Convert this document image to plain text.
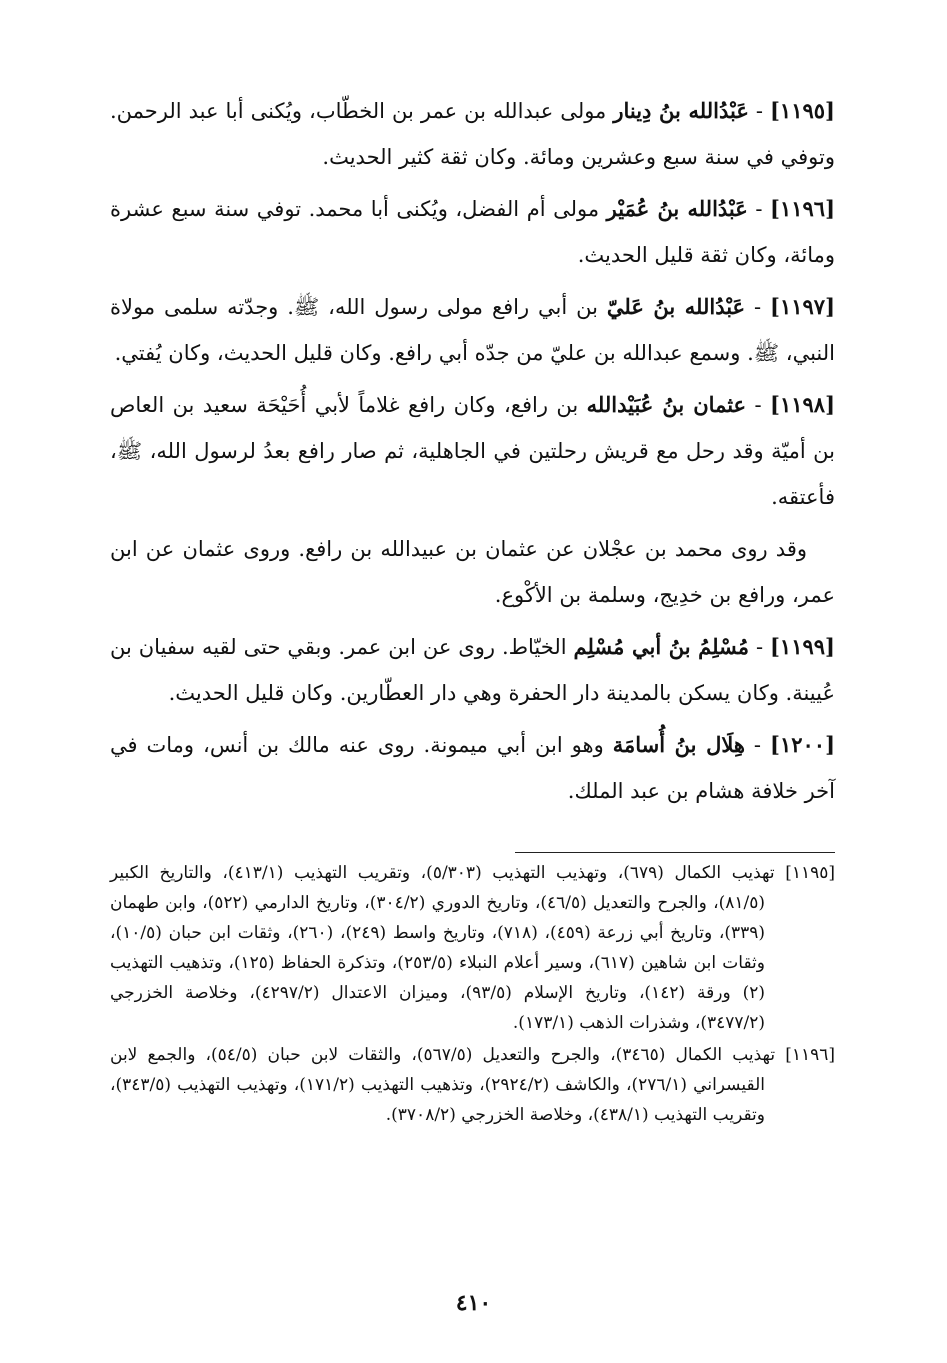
[١١٩٥] - عَبْدُالله بنُ دِينار مولى عبدالله بن عمر بن الخطّاب، ويُكنى أبا عبد الرحمن. وتوفي في سنة سبع وعشرين ومائة. وكان ثقة كثير الحديث.

[١١٩٦] - عَبْدُالله بنُ عُمَيْر مولى أم الفضل، ويُكنى أبا محمد. توفي سنة سبع عشرة ومائة، وكان ثقة قليل الحديث.

[١١٩٧] - عَبْدُالله بنُ عَليّ بن أبي رافع مولى رسول الله، ﷺ. وجدّته سلمى مولاة النبي، ﷺ. وسمع عبدالله بن عليّ من جدّه أبي رافع. وكان قليل الحديث، وكان يُفتي.

[١١٩٨] - عثمان بنُ عُبَيْدالله بن رافع، وكان رافع غلاماً لأبي أُحَيْحَة سعيد بن العاص بن أميّة وقد رحل مع قريش رحلتين في الجاهلية، ثم صار رافع بعدُ لرسول الله، ﷺ، فأعتقه.

وقد روى محمد بن عجْلان عن عثمان بن عبيدالله بن رافع. وروى عثمان عن ابن عمر، ورافع بن خدِيج، وسلمة بن الأكْوع.

[١١٩٩] - مُسْلِمُ بنُ أبي مُسْلِم الخيّاط. روى عن ابن عمر. وبقي حتى لقيه سفيان بن عُيينة. وكان يسكن بالمدينة دار الحفرة وهي دار العطّارين. وكان قليل الحديث.

[١٢٠٠] - هِلَال بنُ أُسامَة وهو ابن أبي ميمونة. روى عنه مالك بن أنس، ومات في آخر خلافة هشام بن عبد الملك.

[١١٩٥] تهذيب الكمال (٦٧٩)، وتهذيب التهذيب (٥/٣٠٣)، وتقريب التهذيب (٤١٣/١)، والتاريخ الكبير (٨١/٥)، والجرح والتعديل (٤٦/٥)، وتاريخ الدوري (٣٠٤/٢)، وتاريخ الدارمي (٥٢٢)، وابن طهمان (٣٣٩)، وتاريخ أبي زرعة (٤٥٩)، (٧١٨)، وتاريخ واسط (٢٤٩)، (٢٦٠)، وثقات ابن حبان (١٠/٥)، وثقات ابن شاهين (٦١٧)، وسير أعلام النبلاء (٢٥٣/٥)، وتذكرة الحفاظ (١٢٥)، وتذهيب التهذيب (٢) ورقة (١٤٢)، وتاريخ الإسلام (٩٣/٥)، وميزان الاعتدال (٤٢٩٧/٢)، وخلاصة الخزرجي (٣٤٧٧/٢)، وشذرات الذهب (١٧٣/١).

[١١٩٦] تهذيب الكمال (٣٤٦٥)، والجرح والتعديل (٥٦٧/٥)، والثقات لابن حبان (٥٤/٥)، والجمع لابن القيسراني (٢٧٦/١)، والكاشف (٢٩٢٤/٢)، وتذهيب التهذيب (١٧١/٢)، وتهذيب التهذيب (٣٤٣/٥)، وتقريب التهذيب (٤٣٨/١)، وخلاصة الخزرجي (٣٧٠٨/٢).

٤١٠
